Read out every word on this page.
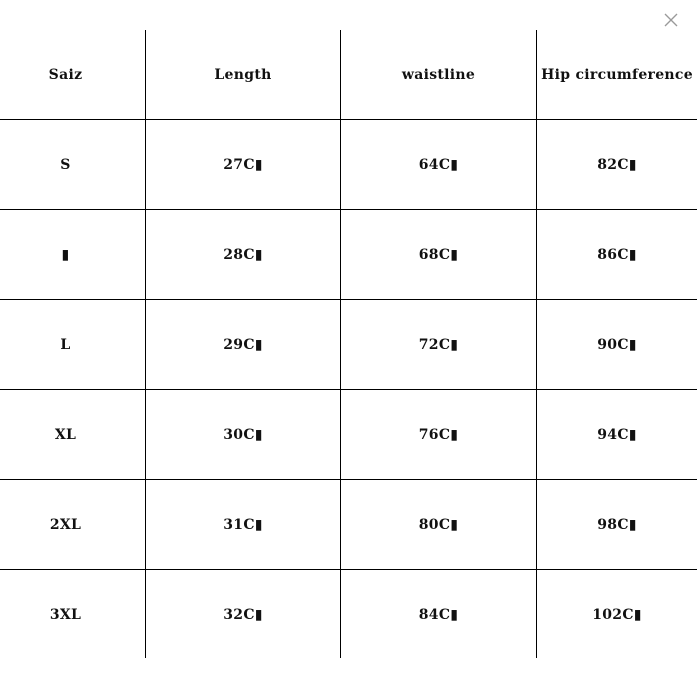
Saiz	Length	waistline	Hip circumference
S	27C▮	64C▮	82C▮
▮	28C▮	68C▮	86C▮
L	29C▮	72C▮	90C▮
XL	30C▮	76C▮	94C▮
2XL	31C▮	80C▮	98C▮
3XL	32C▮	84C▮	102C▮
